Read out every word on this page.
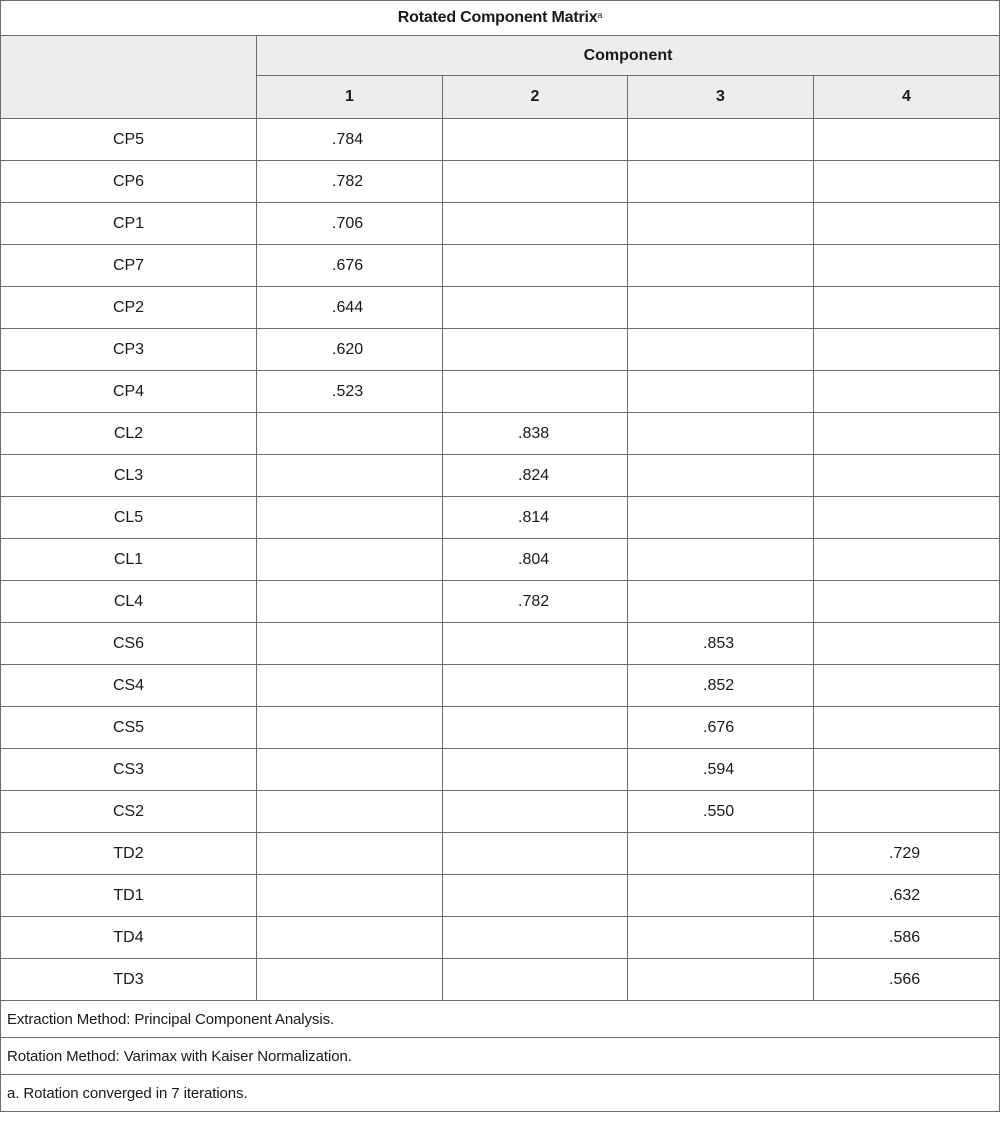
Rotated Component Matrix$^a$
	Component			
	1	2	3	4
CP5	.784			
CP6	.782			
CP1	.706			
CP7	.676			
CP2	.644			
CP3	.620			
CP4	.523			
CL2		.838		
CL3		.824		
CL5		.814		
CL1		.804		
CL4		.782		
CS6			.853	
CS4			.852	
CS5			.676	
CS3			.594	
CS2			.550	
TD2				.729
TD1				.632
TD4				.586
TD3				.566
Extraction Method: Principal Component Analysis.				
Rotation Method: Varimax with Kaiser Normalization.				
a. Rotation converged in 7 iterations.				
